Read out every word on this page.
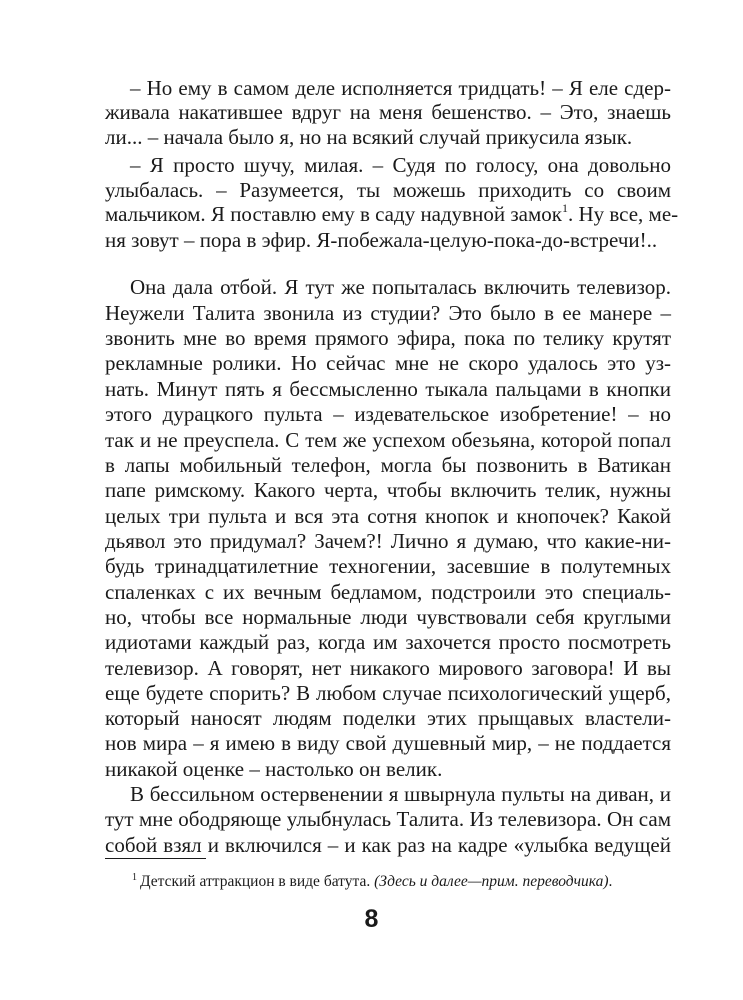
– Но ему в самом деле исполняется тридцать! – Я еле сдер-
живала накатившее вдруг на меня бешенство. – Это, знаешь
ли... – начала было я, но на всякий случай прикусила язык.
– Я просто шучу, милая. – Судя по голосу, она довольно
улыбалась. – Разумеется, ты можешь приходить со своим
мальчиком. Я поставлю ему в саду надувной замок$^1$. Ну все, ме-
ня зовут – пора в эфир. Я-побежала-целую-пока-до-встречи!..
Она дала отбой. Я тут же попыталась включить телевизор.
Неужели Талита звонила из студии? Это было в ее манере –
звонить мне во время прямого эфира, пока по телику крутят
рекламные ролики. Но сейчас мне не скоро удалось это уз-
нать. Минут пять я бессмысленно тыкала пальцами в кнопки
этого дурацкого пульта – издевательское изобретение! – но
так и не преуспела. С тем же успехом обезьяна, которой попал
в лапы мобильный телефон, могла бы позвонить в Ватикан
папе римскому. Какого черта, чтобы включить телик, нужны
целых три пульта и вся эта сотня кнопок и кнопочек? Какой
дьявол это придумал? Зачем?! Лично я думаю, что какие-ни-
будь тринадцатилетние техногении, засевшие в полутемных
спаленках с их вечным бедламом, подстроили это специаль-
но, чтобы все нормальные люди чувствовали себя круглыми
идиотами каждый раз, когда им захочется просто посмотреть
телевизор. А говорят, нет никакого мирового заговора! И вы
еще будете спорить? В любом случае психологический ущерб,
который наносят людям поделки этих прыщавых властели-
нов мира – я имею в виду свой душевный мир, – не поддается
никакой оценке – настолько он велик.
В бессильном остервенении я швырнула пульты на диван, и
тут мне ободряюще улыбнулась Талита. Из телевизора. Он сам
собой взял и включился – и как раз на кадре «улыбка ведущей
$^1$ Детский аттракцион в виде батута. (Здесь и далее—прим. переводчика).
8
